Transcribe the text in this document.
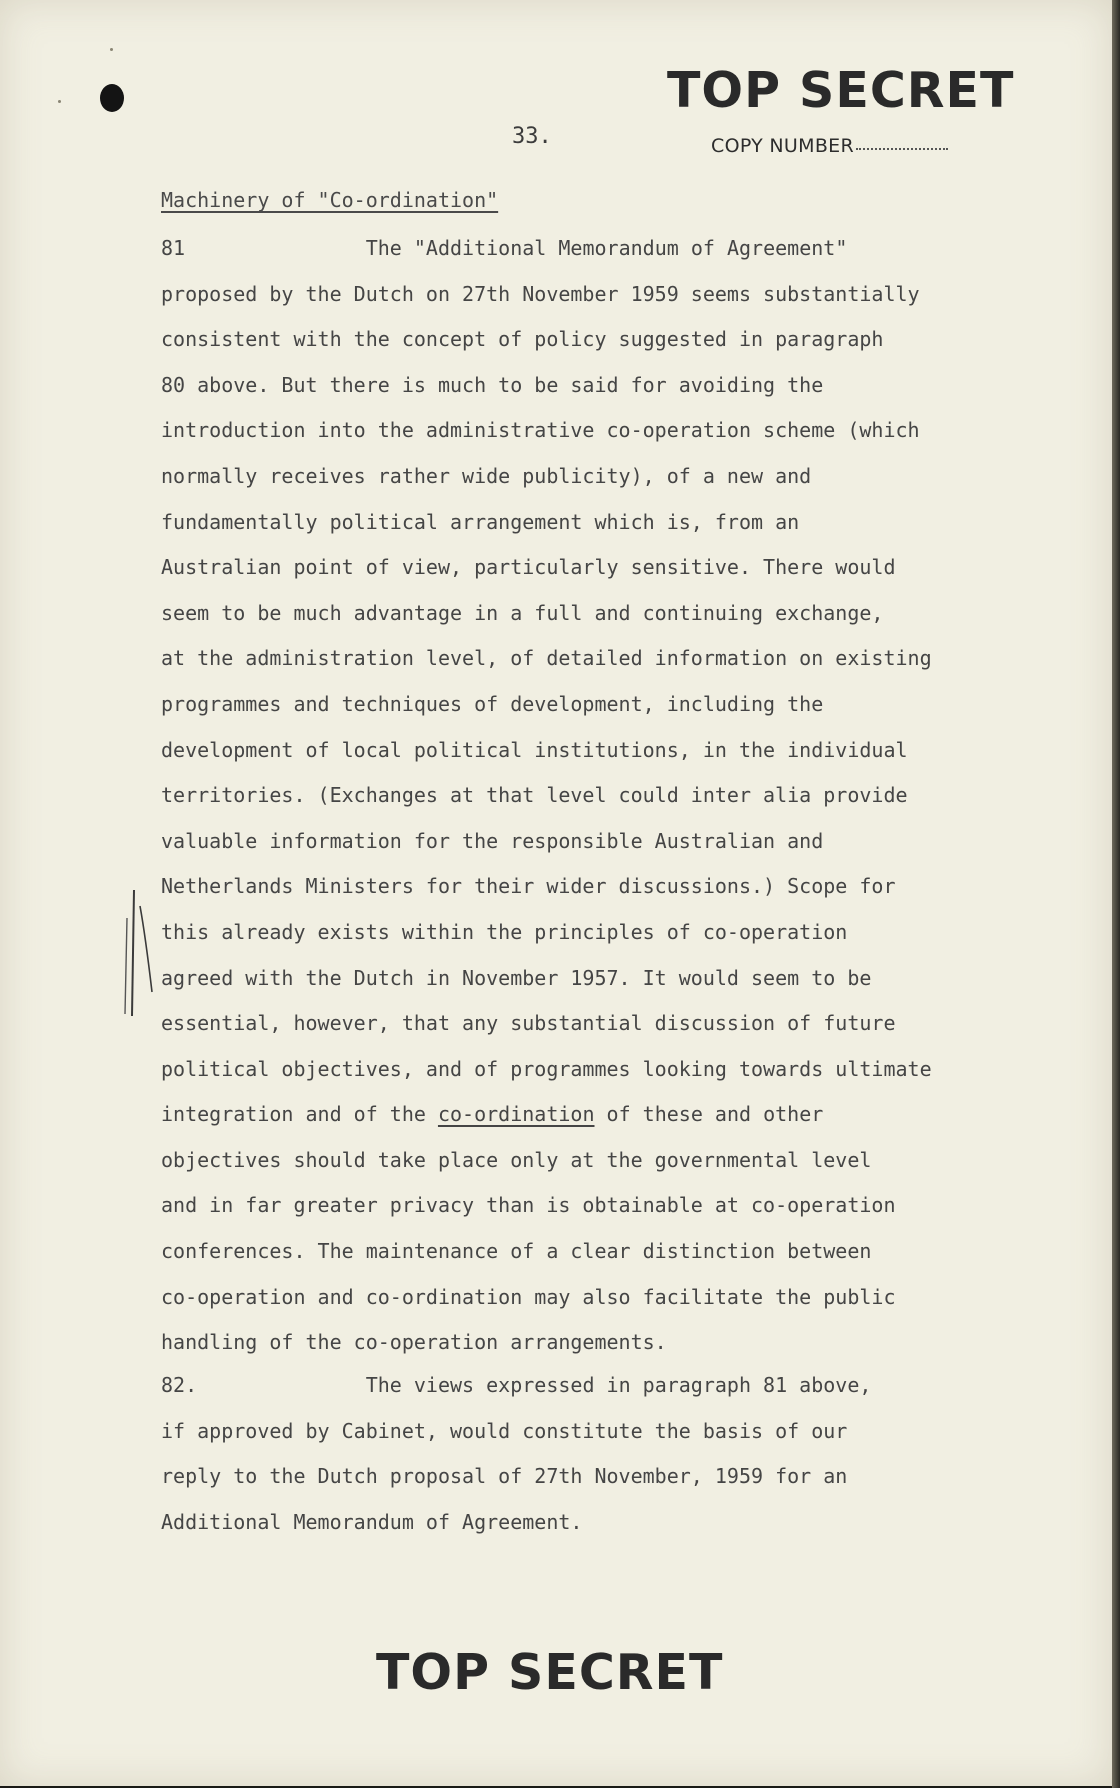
TOP SECRET
33.	COPY NUMBER
Machinery of "Co-ordination"
81	The "Additional Memorandum of Agreement"
proposed by the Dutch on 27th November 1959 seems substantially
consistent with the concept of policy suggested in paragraph
80 above. But there is much to be said for avoiding the
introduction into the administrative co-operation scheme (which
normally receives rather wide publicity), of a new and
fundamentally political arrangement which is, from an
Australian point of view, particularly sensitive. There would
seem to be much advantage in a full and continuing exchange,
at the administration level, of detailed information on existing
programmes and techniques of development, including the
development of local political institutions, in the individual
territories. (Exchanges at that level could inter alia provide
valuable information for the responsible Australian and
Netherlands Ministers for their wider discussions.) Scope for
this already exists within the principles of co-operation
agreed with the Dutch in November 1957. It would seem to be
essential, however, that any substantial discussion of future
political objectives, and of programmes looking towards ultimate
integration and of the co-ordination of these and other
objectives should take place only at the governmental level
and in far greater privacy than is obtainable at co-operation
conferences. The maintenance of a clear distinction between
co-operation and co-ordination may also facilitate the public
handling of the co-operation arrangements.
82.	The views expressed in paragraph 81 above,
if approved by Cabinet, would constitute the basis of our
reply to the Dutch proposal of 27th November, 1959 for an
Additional Memorandum of Agreement.
TOP SECRET
